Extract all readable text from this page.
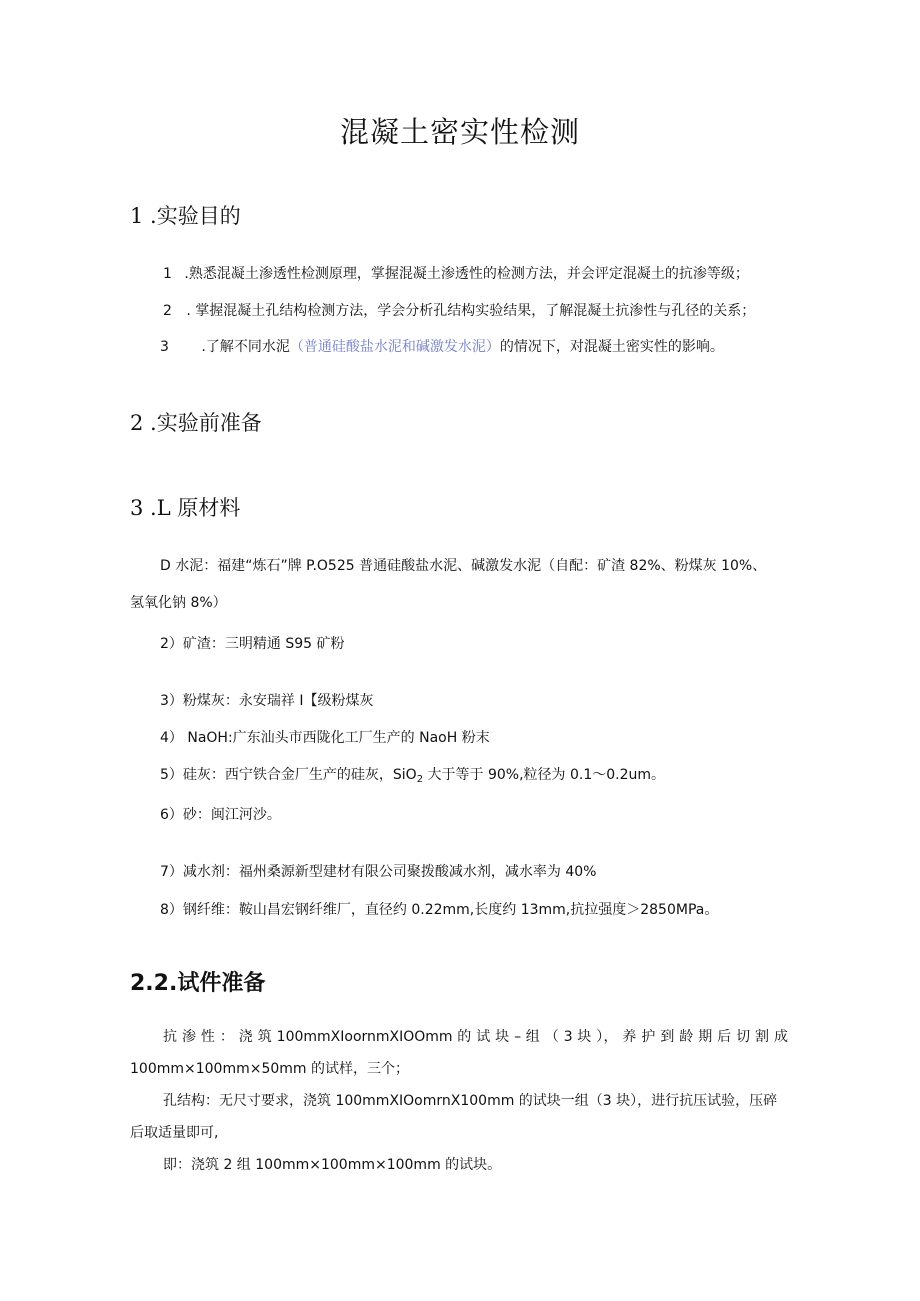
混凝土密实性检测
1 .实验目的
1 .熟悉混凝土渗透性检测原理，掌握混凝土渗透性的检测方法，并会评定混凝土的抗渗等级；
2 . 掌握混凝土孔结构检测方法，学会分析孔结构实验结果，了解混凝土抗渗性与孔径的关系；
3 .了解不同水泥（普通硅酸盐水泥和碱激发水泥）的情况下，对混凝土密实性的影响。
2 .实验前准备
3 .L 原材料
D 水泥：福建“炼石”牌 P.O525 普通硅酸盐水泥、碱激发水泥（自配：矿渣 82%、粉煤灰 10%、
氢氧化钠 8%）
2）矿渣：三明精通 S95 矿粉
3）粉煤灰：永安瑞祥 I【级粉煤灰
4） NaOH:广东汕头市西陇化工厂生产的 NaoH 粉末
5）硅灰：西宁铁合金厂生产的硅灰，SiO$_2$ 大于等于 90%,粒径为 0.1～0.2um。
6）砂：闽江河沙。
7）减水剂：福州桑源新型建材有限公司聚拨酸减水剂，减水率为 40%
8）钢纤维：鞍山昌宏钢纤维厂，直径约 0.22mm,长度约 13mm,抗拉强度＞2850MPa。
2.2.试件准备
抗 渗 性 ： 浇 筑 100mmXIoornmXIOOmm 的 试 块 – 组 （ 3 块 ）， 养 护 到 龄 期 后 切 割 成
100mm×100mm×50mm 的试样，三个；
孔结构：无尺寸要求，浇筑 100mmXIOomrnX100mm 的试块一组（3 块），进行抗压试验，压碎
后取适量即可,
即：浇筑 2 组 100mm×100mm×100mm 的试块。
